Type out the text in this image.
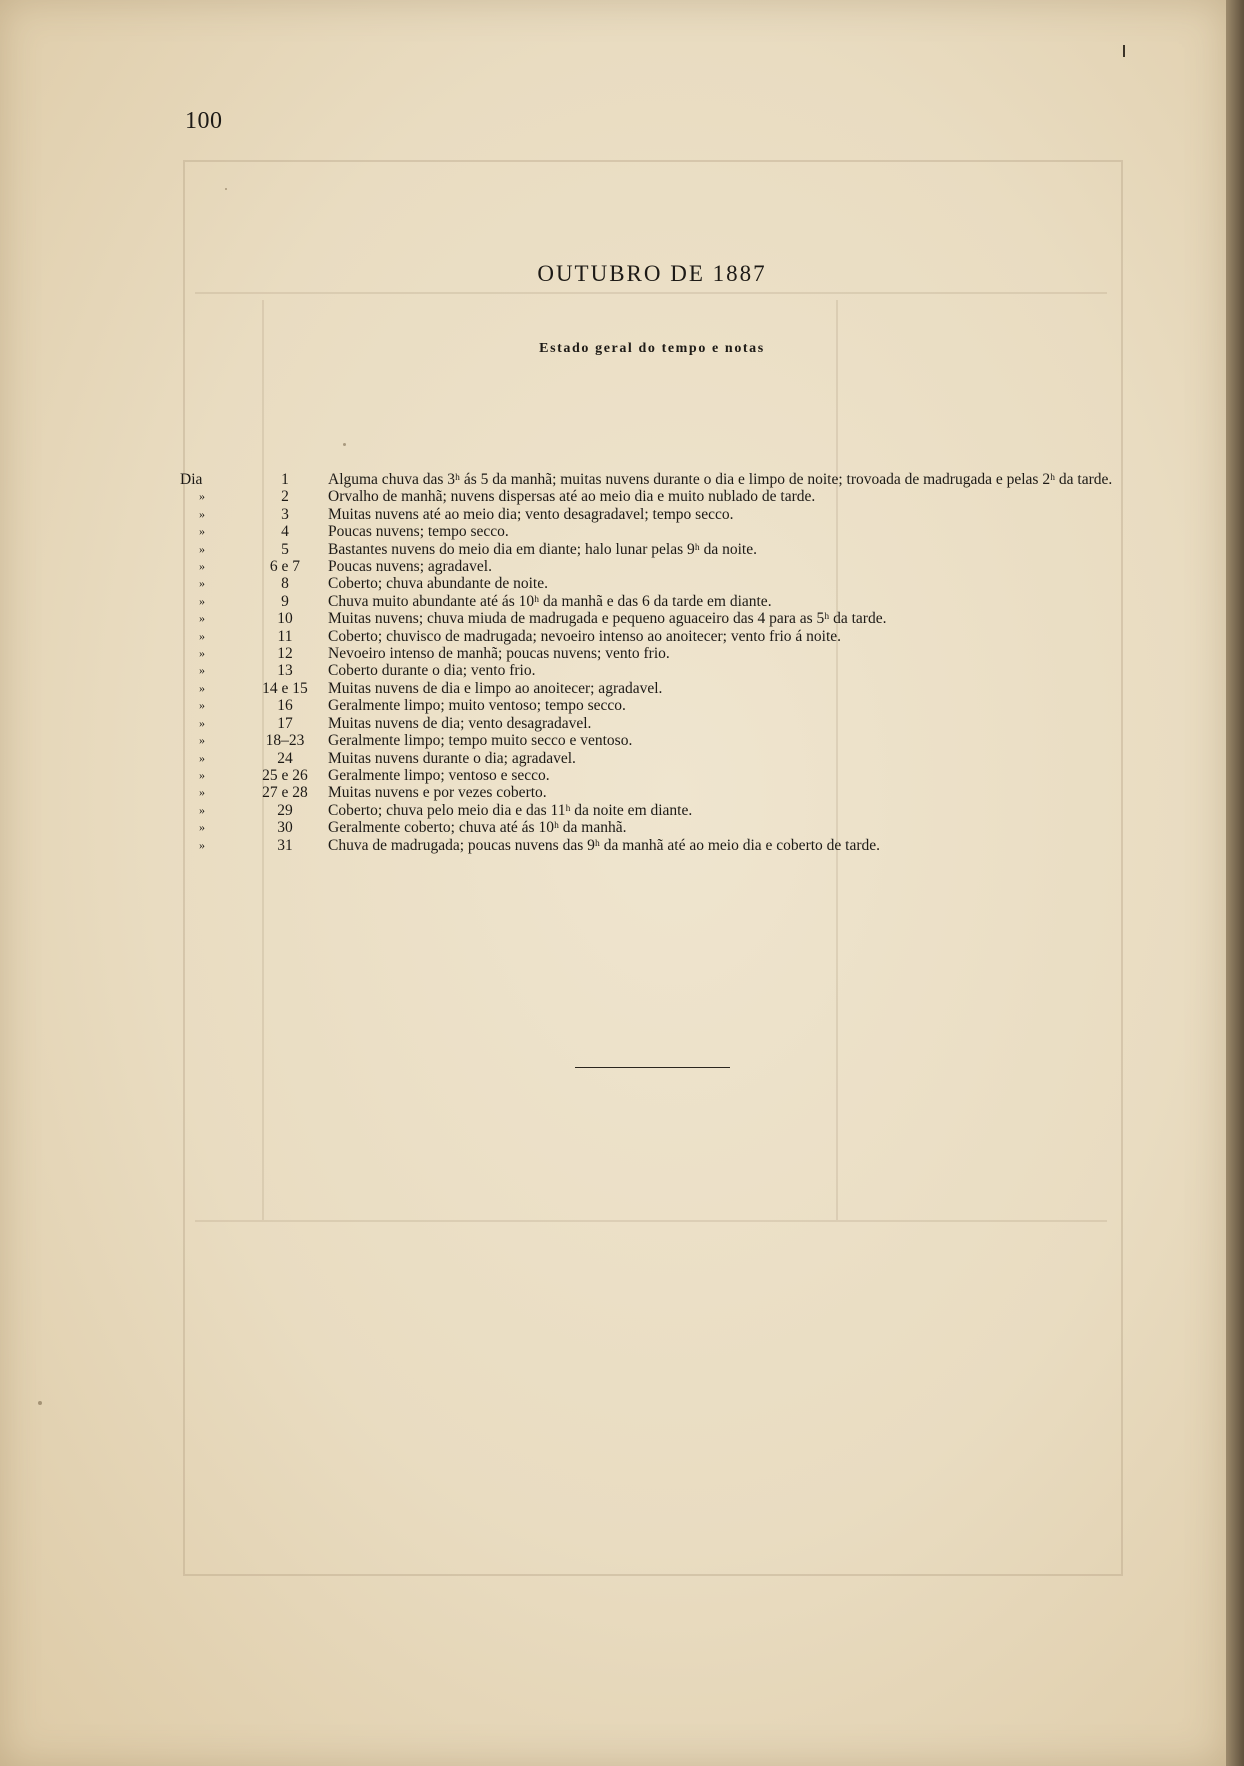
100
OUTUBRO DE 1887
Estado geral do tempo e notas
Dia	1	Alguma chuva das 3ʰ ás 5 da manhã; muitas nuvens durante o dia e limpo de noite; trovoada de madrugada e pelas 2ʰ da tarde.
»	2	Orvalho de manhã; nuvens dispersas até ao meio dia e muito nublado de tarde.
»	3	Muitas nuvens até ao meio dia; vento desagradavel; tempo secco.
»	4	Poucas nuvens; tempo secco.
»	5	Bastantes nuvens do meio dia em diante; halo lunar pelas 9ʰ da noite.
»	6 e 7	Poucas nuvens; agradavel.
»	8	Coberto; chuva abundante de noite.
»	9	Chuva muito abundante até ás 10ʰ da manhã e das 6 da tarde em diante.
»	10	Muitas nuvens; chuva miuda de madrugada e pequeno aguaceiro das 4 para as 5ʰ da tarde.
»	11	Coberto; chuvisco de madrugada; nevoeiro intenso ao anoitecer; vento frio á noite.
»	12	Nevoeiro intenso de manhã; poucas nuvens; vento frio.
»	13	Coberto durante o dia; vento frio.
»	14 e 15	Muitas nuvens de dia e limpo ao anoitecer; agradavel.
»	16	Geralmente limpo; muito ventoso; tempo secco.
»	17	Muitas nuvens de dia; vento desagradavel.
»	18–23	Geralmente limpo; tempo muito secco e ventoso.
»	24	Muitas nuvens durante o dia; agradavel.
»	25 e 26	Geralmente limpo; ventoso e secco.
»	27 e 28	Muitas nuvens e por vezes coberto.
»	29	Coberto; chuva pelo meio dia e das 11ʰ da noite em diante.
»	30	Geralmente coberto; chuva até ás 10ʰ da manhã.
»	31	Chuva de madrugada; poucas nuvens das 9ʰ da manhã até ao meio dia e coberto de tarde.
